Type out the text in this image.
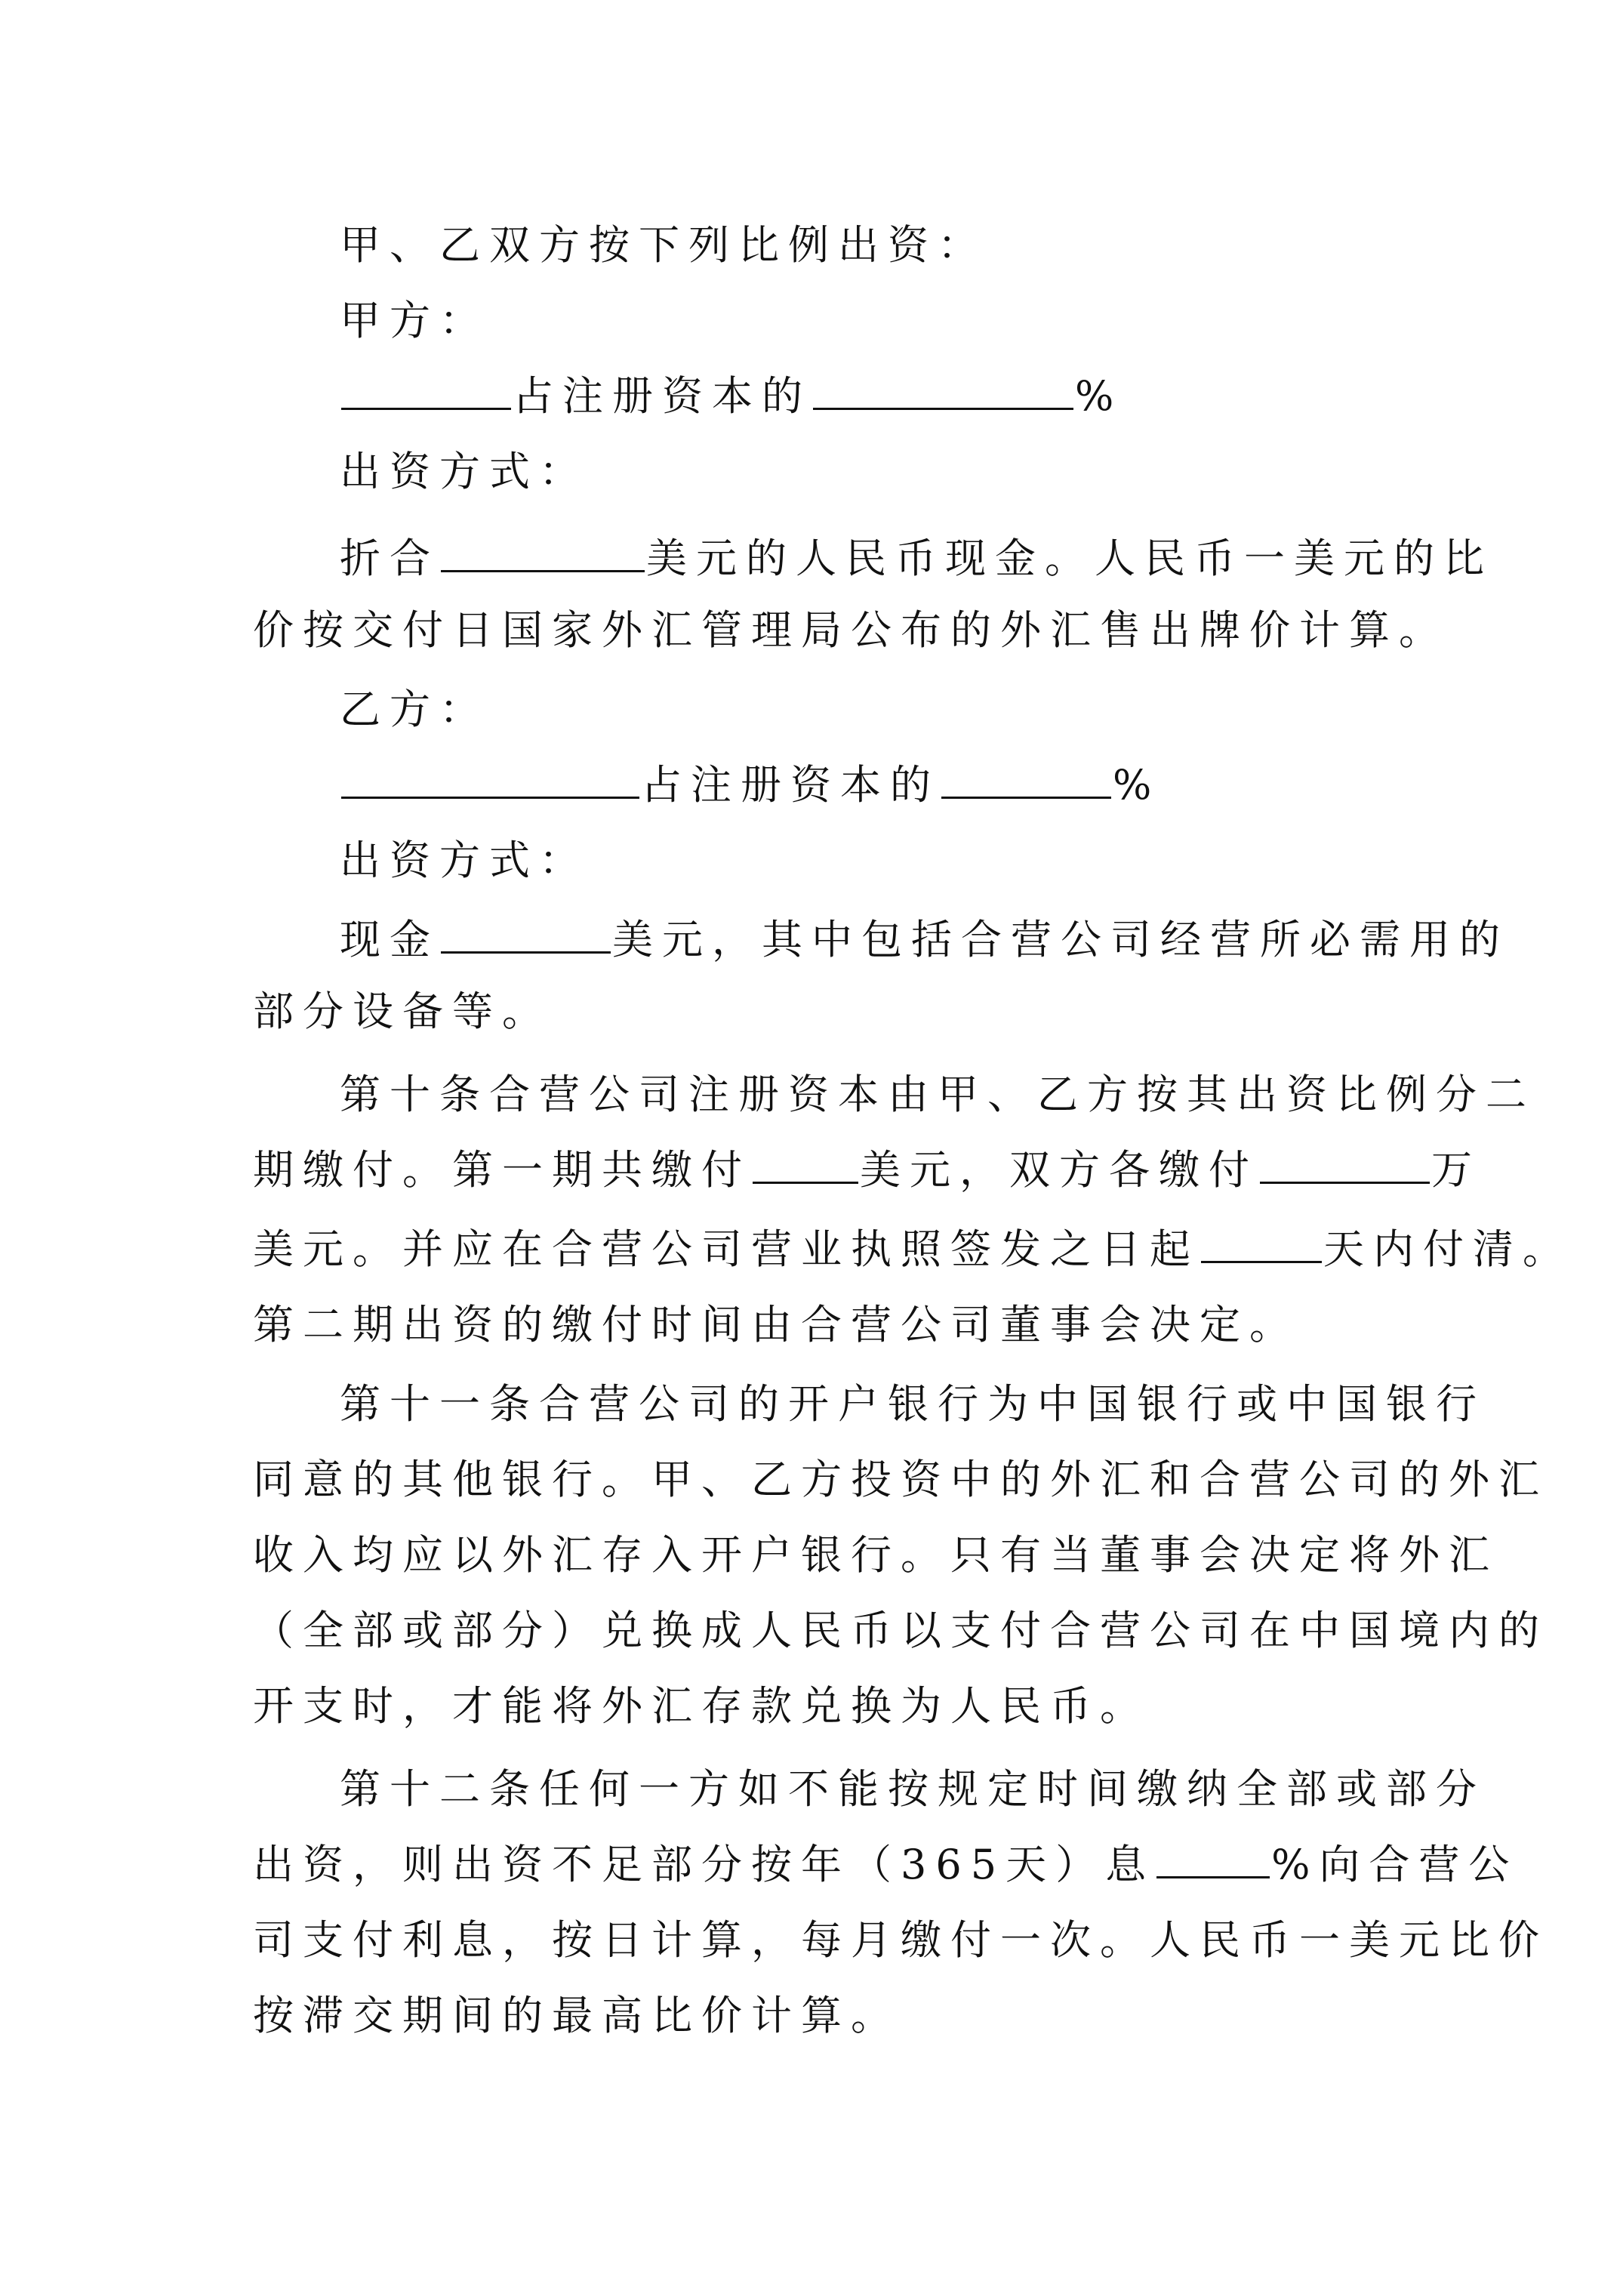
甲、乙双方按下列比例出资：
甲方：
占注册资本的	%
出资方式：
折合	美元的人民币现金。人民币一美元的比
价按交付日国家外汇管理局公布的外汇售出牌价计算。
乙方：
占注册资本的	%
出资方式：
现金	美元，其中包括合营公司经营所必需用的
部分设备等。
第十条合营公司注册资本由甲、乙方按其出资比例分二
期缴付。第一期共缴付	美元，双方各缴付	万
美元。并应在合营公司营业执照签发之日起	天内付清。
第二期出资的缴付时间由合营公司董事会决定。
第十一条合营公司的开户银行为中国银行或中国银行
同意的其他银行。甲、乙方投资中的外汇和合营公司的外汇
收入均应以外汇存入开户银行。只有当董事会决定将外汇
（全部或部分）兑换成人民币以支付合营公司在中国境内的
开支时，才能将外汇存款兑换为人民币。
第十二条任何一方如不能按规定时间缴纳全部或部分
出资，则出资不足部分按年（365天）息	%向合营公
司支付利息，按日计算，每月缴付一次。人民币一美元比价
按滞交期间的最高比价计算。
